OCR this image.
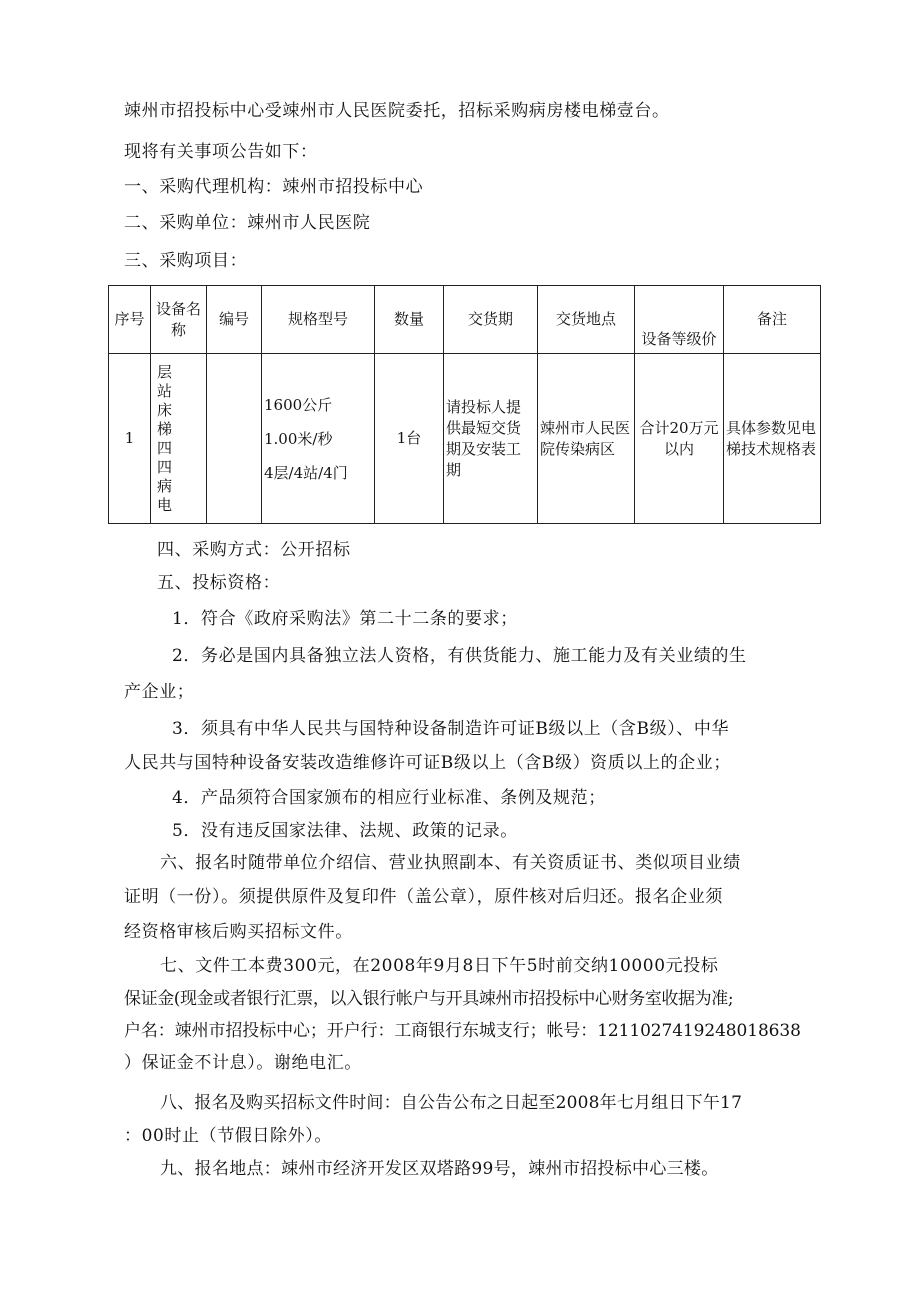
竦州市招投标中心受竦州市人民医院委托，招标采购病房楼电梯壹台。
现将有关事项公告如下：
一、采购代理机构：竦州市招投标中心
二、采购单位：竦州市人民医院
三、采购项目：
序号	设备名称	编号	规格型号	数量	交货期	交货地点	设备等级价	备注
1	层站床梯四四病电		1600公斤
1.00米/秒
4层/4站/4门	1台	请投标人提供最短交货期及安装工期	竦州市人民医院传染病区	合计20万元以内	具体参数见电梯技术规格表
四、采购方式：公开招标
五、投标资格：
1．符合《政府采购法》第二十二条的要求；
2．务必是国内具备独立法人资格，有供货能力、施工能力及有关业绩的生
产企业；
3．须具有中华人民共与国特种设备制造许可证B级以上（含B级）、中华
人民共与国特种设备安装改造维修许可证B级以上（含B级）资质以上的企业；
4．产品须符合国家颁布的相应行业标准、条例及规范；
5．没有违反国家法律、法规、政策的记录。
六、报名时随带单位介绍信、营业执照副本、有关资质证书、类似项目业绩
证明（一份）。须提供原件及复印件（盖公章），原件核对后归还。报名企业须
经资格审核后购买招标文件。
七、文件工本费300元，在2008年9月8日下午5时前交纳10000元投标
保证金(现金或者银行汇票，以入银行帐户与开具竦州市招投标中心财务室收据为准;
户名：竦州市招投标中心；开户行：工商银行东城支行；帐号：1211027419248018638
）保证金不计息）。谢绝电汇。
八、报名及购买招标文件时间：自公告公布之日起至2008年七月组日下午17
：00时止（节假日除外）。
九、报名地点：竦州市经济开发区双塔路99号，竦州市招投标中心三楼。
